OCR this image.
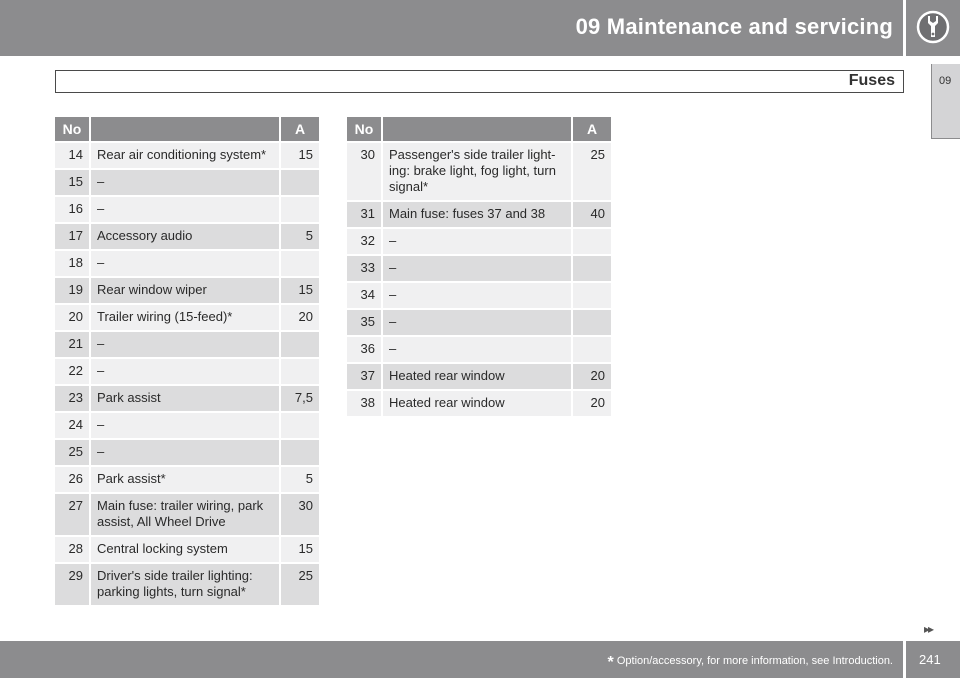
09 Maintenance and servicing
Fuses	09
No		A
14	Rear air conditioning system*	15
15	–	
16	–	
17	Accessory audio	5
18	–	
19	Rear window wiper	15
20	Trailer wiring (15-feed)*	20
21	–	
22	–	
23	Park assist	7,5
24	–	
25	–	
26	Park assist*	5
27	Main fuse: trailer wiring, park assist, All Wheel Drive	30
28	Central locking system	15
29	Driver's side trailer lighting: parking lights, turn signal*	25
No		A
30	Passenger's side trailer light-ing: brake light, fog light, turn signal*	25
31	Main fuse: fuses 37 and 38	40
32	–	
33	–	
34	–	
35	–	
36	–	
37	Heated rear window	20
38	Heated rear window	20
▸▸
* Option/accessory, for more information, see Introduction. 241
